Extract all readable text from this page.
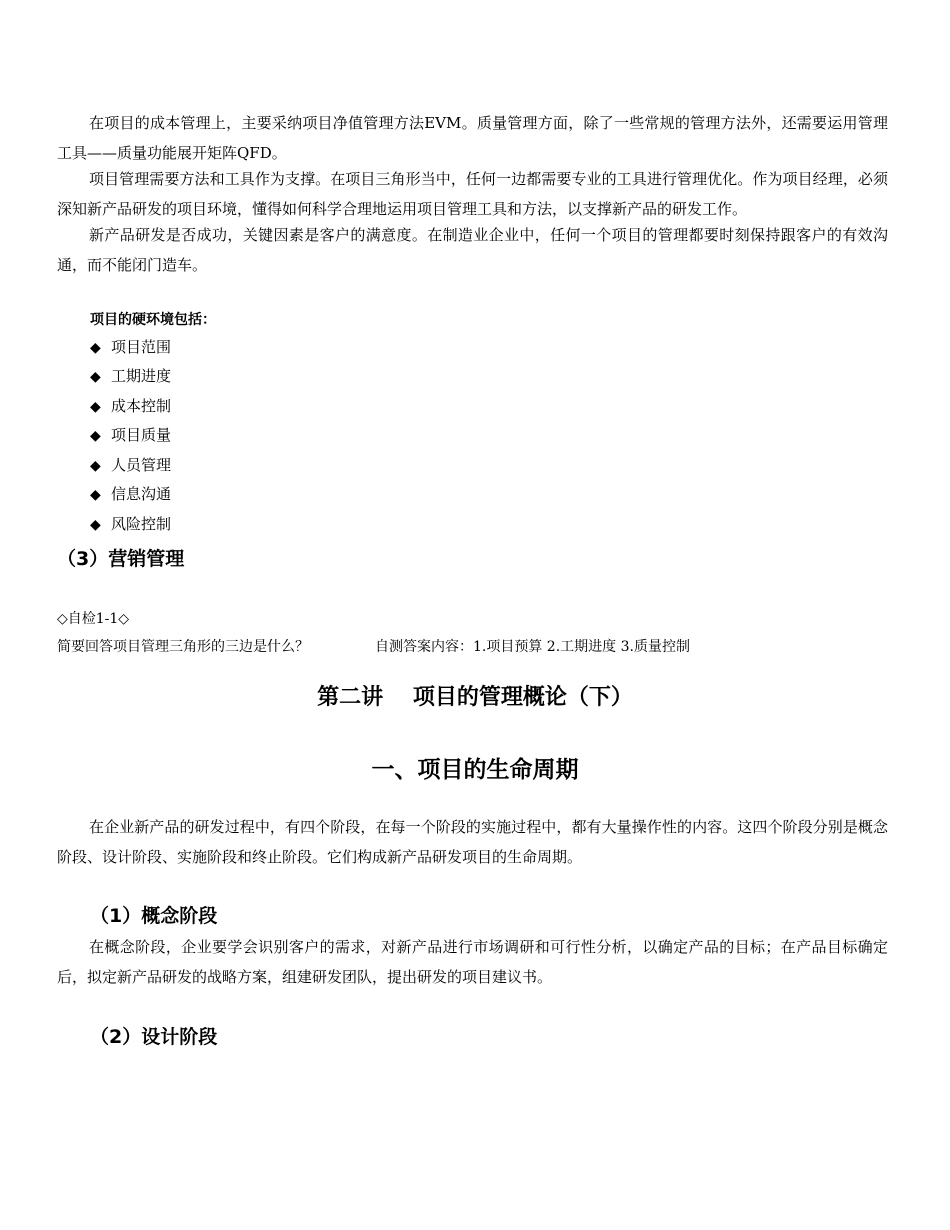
在项目的成本管理上，主要采纳项目净值管理方法EVM。质量管理方面，除了一些常规的管理方法外，还需要运用管理工具——质量功能展开矩阵QFD。

项目管理需要方法和工具作为支撑。在项目三角形当中，任何一边都需要专业的工具进行管理优化。作为项目经理，必须深知新产品研发的项目环境，懂得如何科学合理地运用项目管理工具和方法，以支撑新产品的研发工作。

新产品研发是否成功，关键因素是客户的满意度。在制造业企业中，任何一个项目的管理都要时刻保持跟客户的有效沟通，而不能闭门造车。

项目的硬环境包括：
◆ 项目范围
◆ 工期进度
◆ 成本控制
◆ 项目质量
◆ 人员管理
◆ 信息沟通
◆ 风险控制
（3）营销管理
◇自检1-1◇
简要回答项目管理三角形的三边是什么？	自测答案内容：1.项目预算 2.工期进度 3.质量控制
第二讲　 项目的管理概论（下）
一、项目的生命周期

在企业新产品的研发过程中，有四个阶段，在每一个阶段的实施过程中，都有大量操作性的内容。这四个阶段分别是概念阶段、设计阶段、实施阶段和终止阶段。它们构成新产品研发项目的生命周期。

（1）概念阶段

在概念阶段，企业要学会识别客户的需求，对新产品进行市场调研和可行性分析，以确定产品的目标；在产品目标确定后，拟定新产品研发的战略方案，组建研发团队，提出研发的项目建议书。

（2）设计阶段
